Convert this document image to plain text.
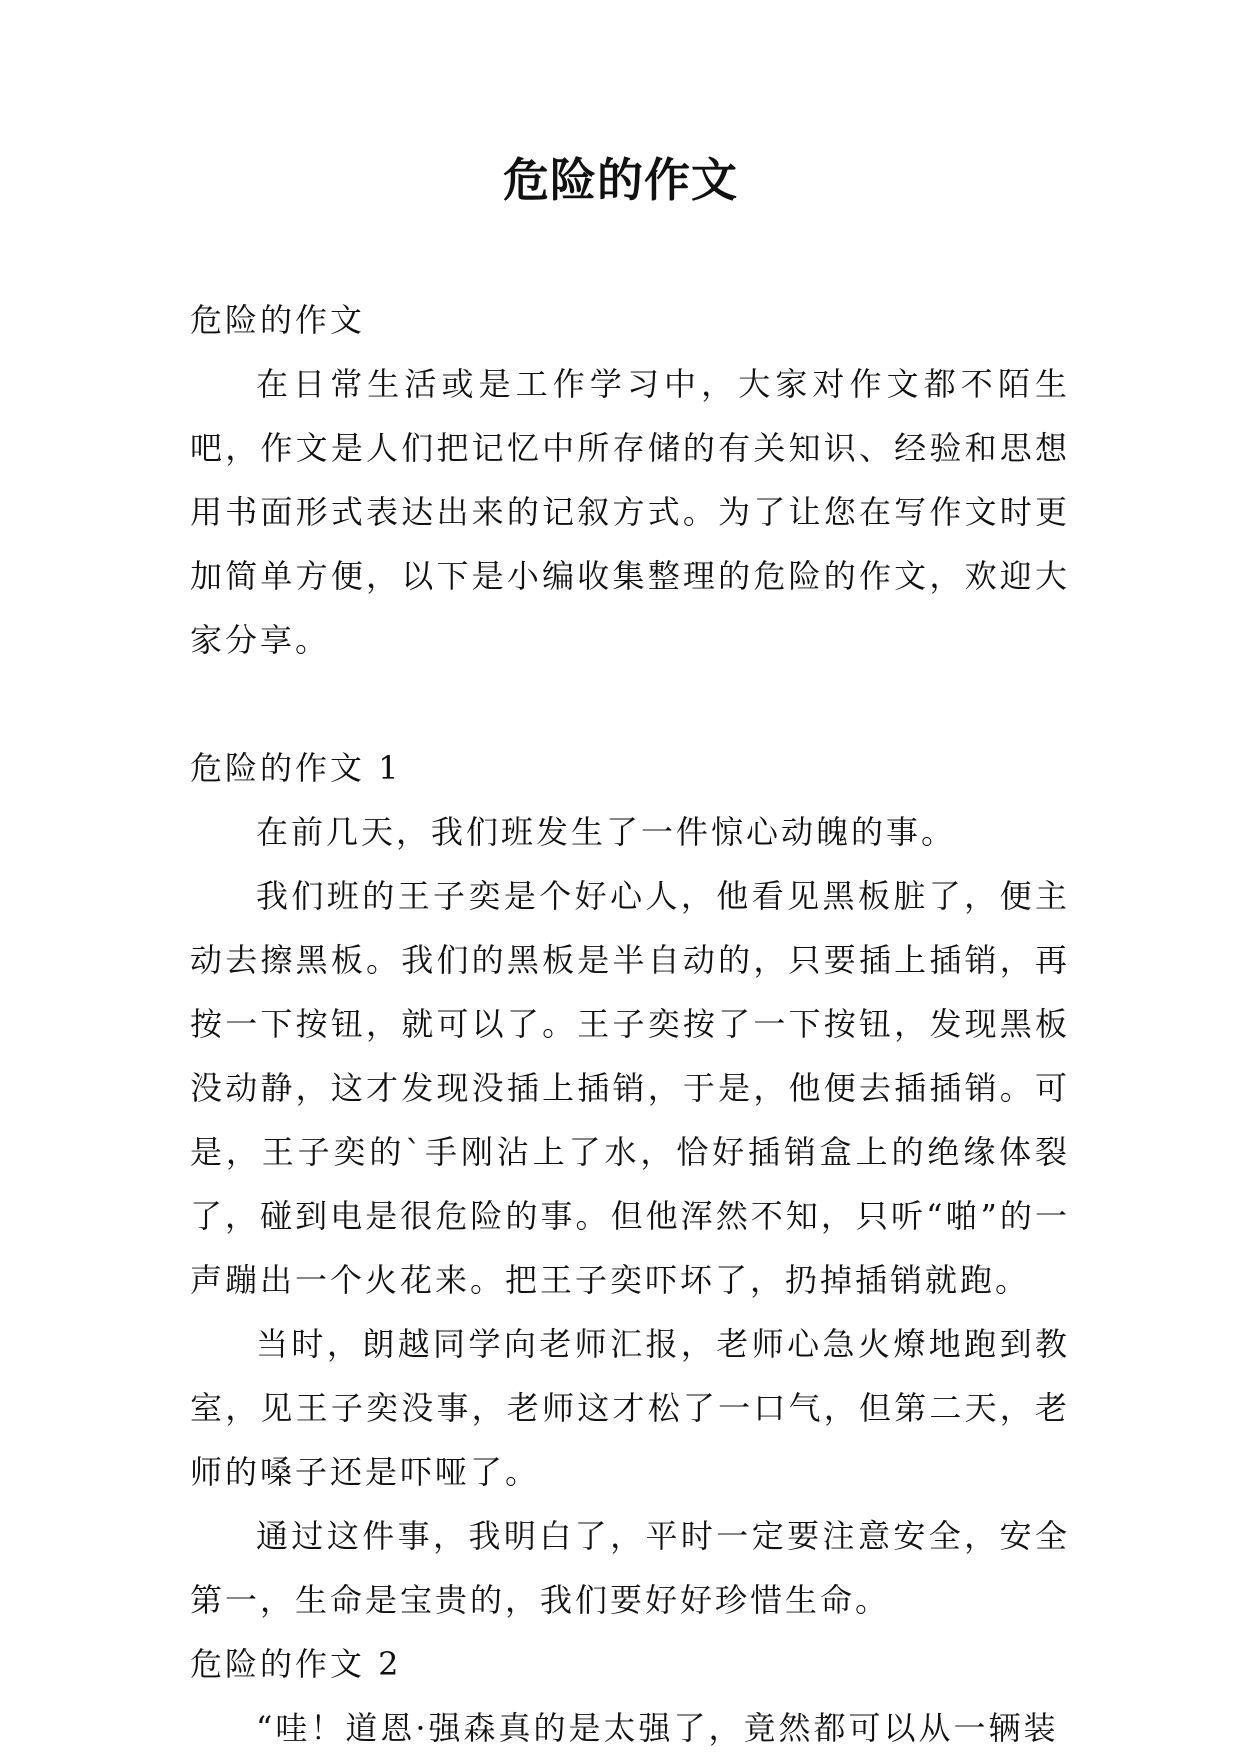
危险的作文

危险的作文

在日常生活或是工作学习中，大家对作文都不陌生吧，作文是人们把记忆中所存储的有关知识、经验和思想用书面形式表达出来的记叙方式。为了让您在写作文时更加简单方便，以下是小编收集整理的危险的作文，欢迎大家分享。

危险的作文 1

在前几天，我们班发生了一件惊心动魄的事。

我们班的王子奕是个好心人，他看见黑板脏了，便主动去擦黑板。我们的黑板是半自动的，只要插上插销，再按一下按钮，就可以了。王子奕按了一下按钮，发现黑板没动静，这才发现没插上插销，于是，他便去插插销。可是，王子奕的`手刚沾上了水，恰好插销盒上的绝缘体裂了，碰到电是很危险的事。但他浑然不知，只听“啪”的一声蹦出一个火花来。把王子奕吓坏了，扔掉插销就跑。

当时，朗越同学向老师汇报，老师心急火燎地跑到教室，见王子奕没事，老师这才松了一口气，但第二天，老师的嗓子还是吓哑了。

通过这件事，我明白了，平时一定要注意安全，安全第一，生命是宝贵的，我们要好好珍惜生命。

危险的作文 2

“哇！道恩·强森真的是太强了，竟然都可以从一辆装
